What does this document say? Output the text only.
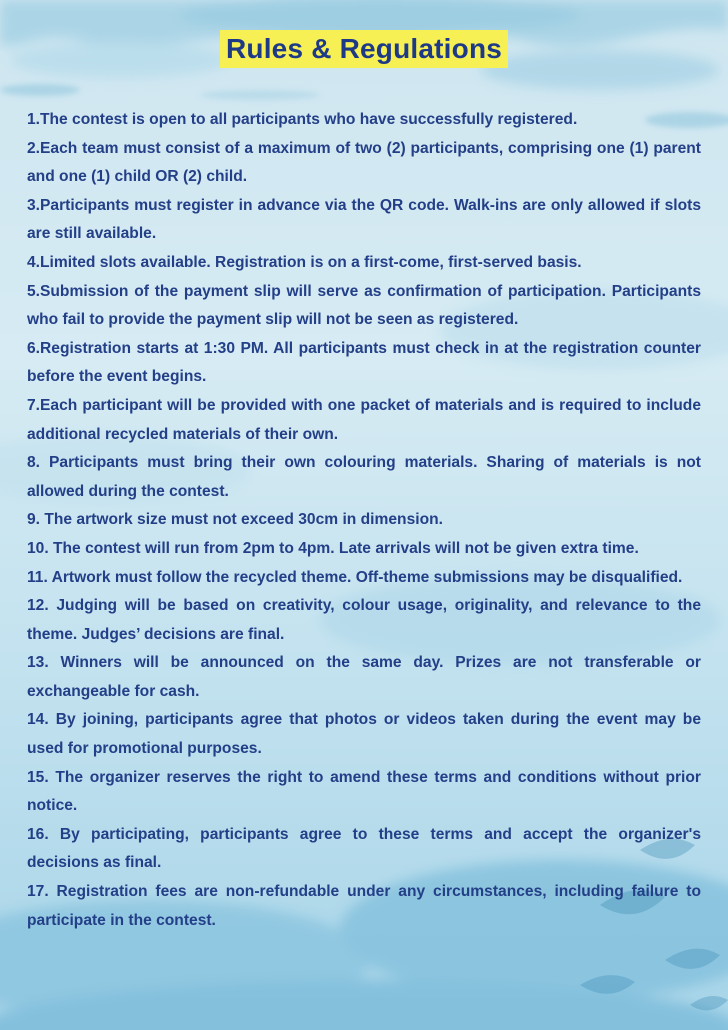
Rules & Regulations
1.The contest is open to all participants who have successfully registered.
2.Each team must consist of a maximum of two (2) participants, comprising one (1) parent and one (1) child OR (2) child.
3.Participants must register in advance via the QR code. Walk-ins are only allowed if slots are still available.
4.Limited slots available. Registration is on a first-come, first-served basis.
5.Submission of the payment slip will serve as confirmation of participation. Participants who fail to provide the payment slip will not be seen as registered.
6.Registration starts at 1:30 PM. All participants must check in at the registration counter before the event begins.
7.Each participant will be provided with one packet of materials and is required to include additional recycled materials of their own.
8. Participants must bring their own colouring materials. Sharing of materials is not allowed during the contest.
9. The artwork size must not exceed 30cm in dimension.
10. The contest will run from 2pm to 4pm. Late arrivals will not be given extra time.
11. Artwork must follow the recycled theme. Off-theme submissions may be disqualified.
12. Judging will be based on creativity, colour usage, originality, and relevance to the theme. Judges’ decisions are final.
13. Winners will be announced on the same day. Prizes are not transferable or exchangeable for cash.
14. By joining, participants agree that photos or videos taken during the event may be used for promotional purposes.
15. The organizer reserves the right to amend these terms and conditions without prior notice.
16. By participating, participants agree to these terms and accept the organizer's decisions as final.
17. Registration fees are non-refundable under any circumstances, including failure to participate in the contest.
